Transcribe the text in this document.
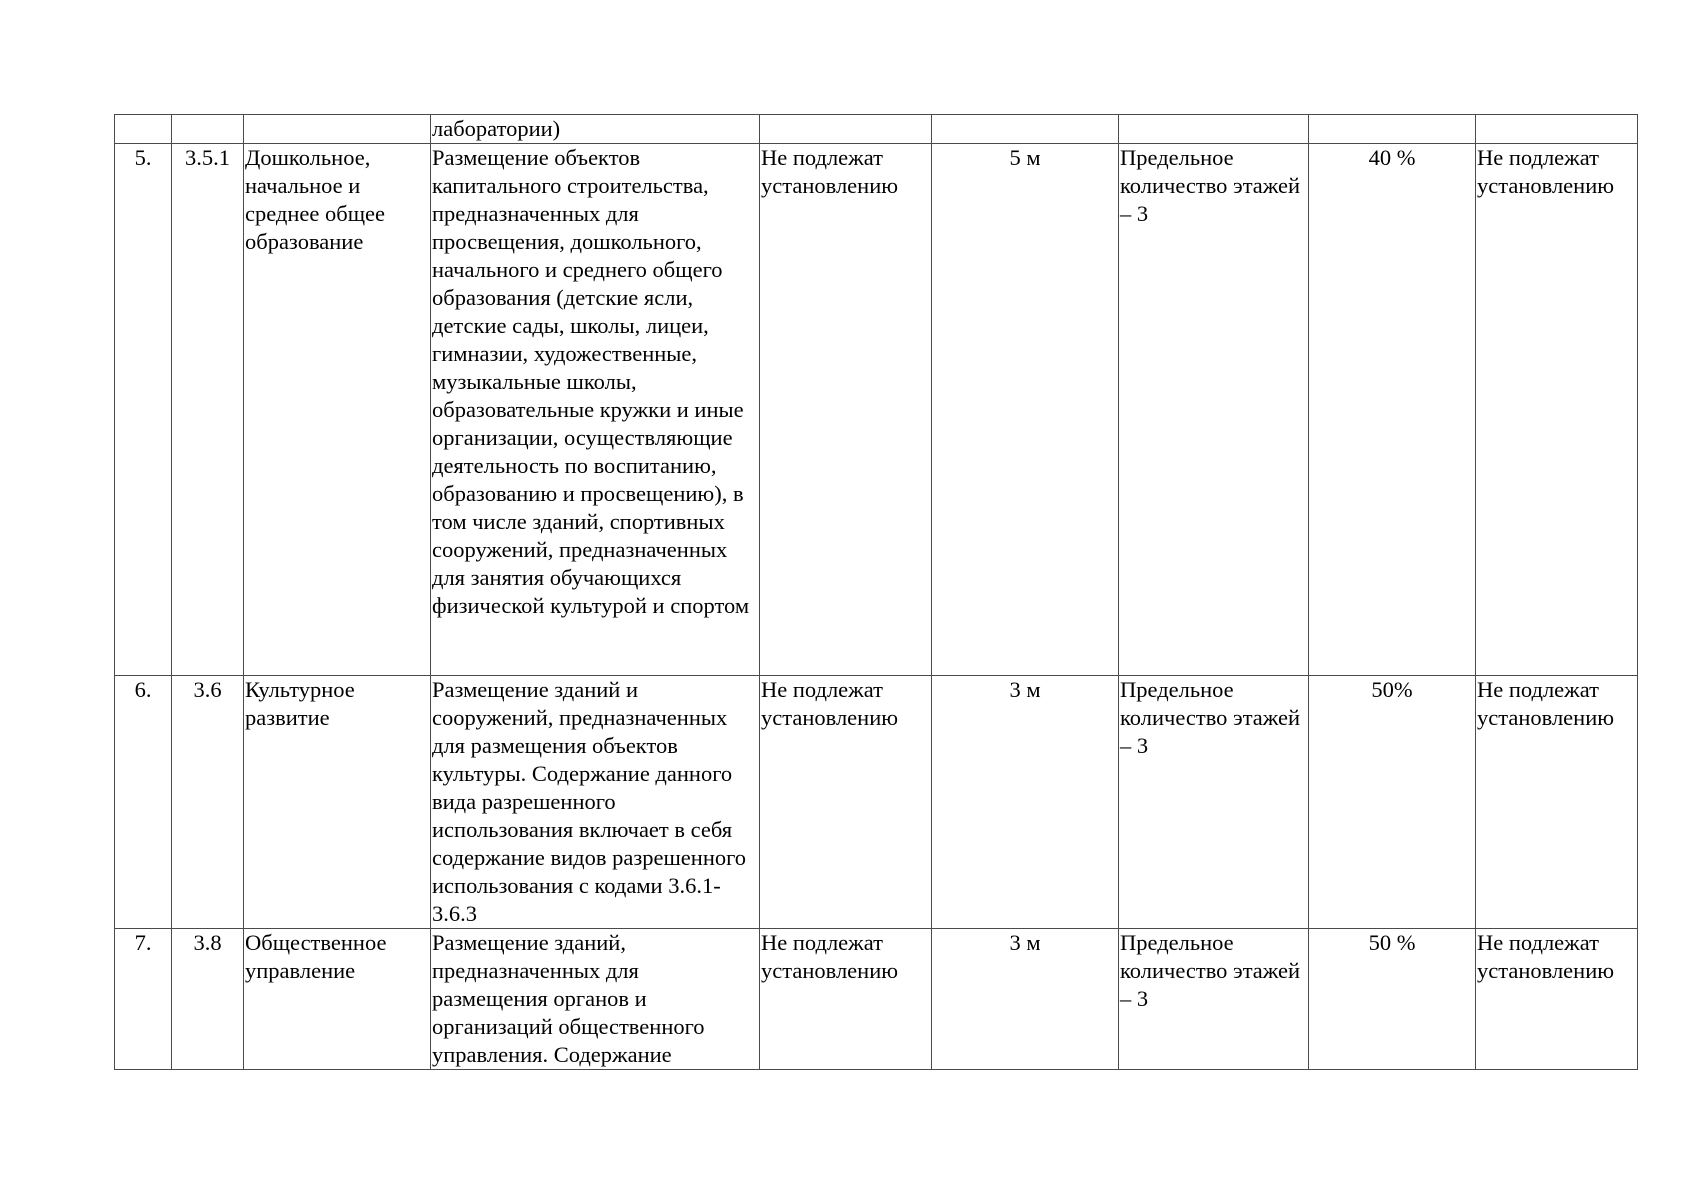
			лаборатории)					
5.	3.5.1	Дошкольное, начальное и среднее общее образование	Размещение объектов капитального строительства, предназначенных для просвещения, дошкольного, начального и среднего общего образования (детские ясли, детские сады, школы, лицеи, гимназии, художественные, музыкальные школы, образовательные кружки и иные организации, осуществляющие деятельность по воспитанию, образованию и просвещению), в том числе зданий, спортивных сооружений, предназначенных для занятия обучающихся физической культурой и спортом	Не подлежат установлению	5 м	Предельное количество этажей – 3	40 %	Не подлежат установлению
6.	3.6	Культурное развитие	Размещение зданий и сооружений, предназначенных для размещения объектов культуры. Содержание данного вида разрешенного использования включает в себя содержание видов разрешенного использования с кодами 3.6.1-3.6.3	Не подлежат установлению	3 м	Предельное количество этажей – 3	50%	Не подлежат установлению
7.	3.8	Общественное управление	Размещение зданий, предназначенных для размещения органов и организаций общественного управления. Содержание	Не подлежат установлению	3 м	Предельное количество этажей – 3	50 %	Не подлежат установлению
